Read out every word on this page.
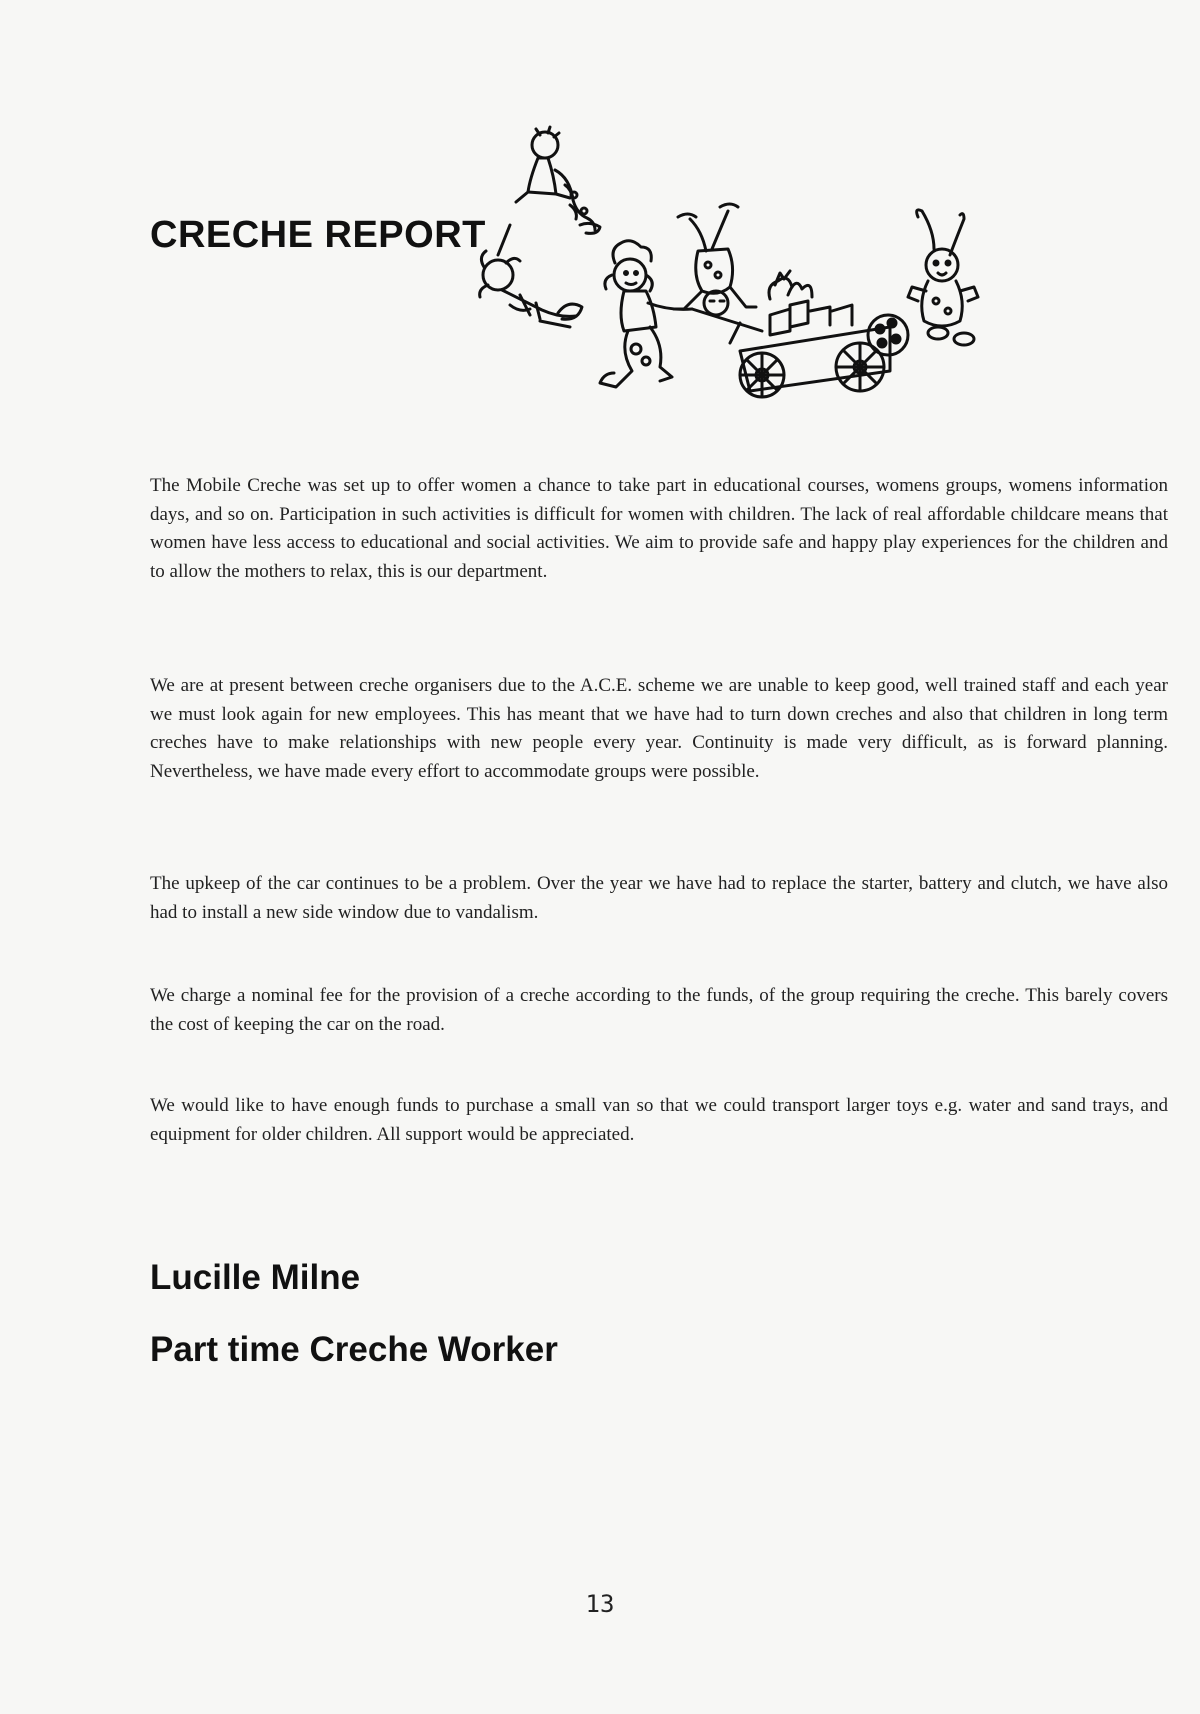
CRECHE REPORT

The Mobile Creche was set up to offer women a chance to take part in educational courses, womens groups, womens information days, and so on. Participation in such activities is difficult for women with children. The lack of real affordable childcare means that women have less access to educational and social activities. We aim to provide safe and happy play experiences for the children and to allow the mothers to relax, this is our department.

We are at present between creche organisers due to the A.C.E. scheme we are unable to keep good, well trained staff and each year we must look again for new employees. This has meant that we have had to turn down creches and also that children in long term creches have to make relationships with new people every year. Continuity is made very difficult, as is forward planning. Nevertheless, we have made every effort to accommodate groups were possible.

The upkeep of the car continues to be a problem. Over the year we have had to replace the starter, battery and clutch, we have also had to install a new side window due to vandalism.

We charge a nominal fee for the provision of a creche according to the funds, of the group requiring the creche. This barely covers the cost of keeping the car on the road.

We would like to have enough funds to purchase a small van so that we could transport larger toys e.g. water and sand trays, and equipment for older children. All support would be appreciated.

Lucille Milne
Part time Creche Worker
13
